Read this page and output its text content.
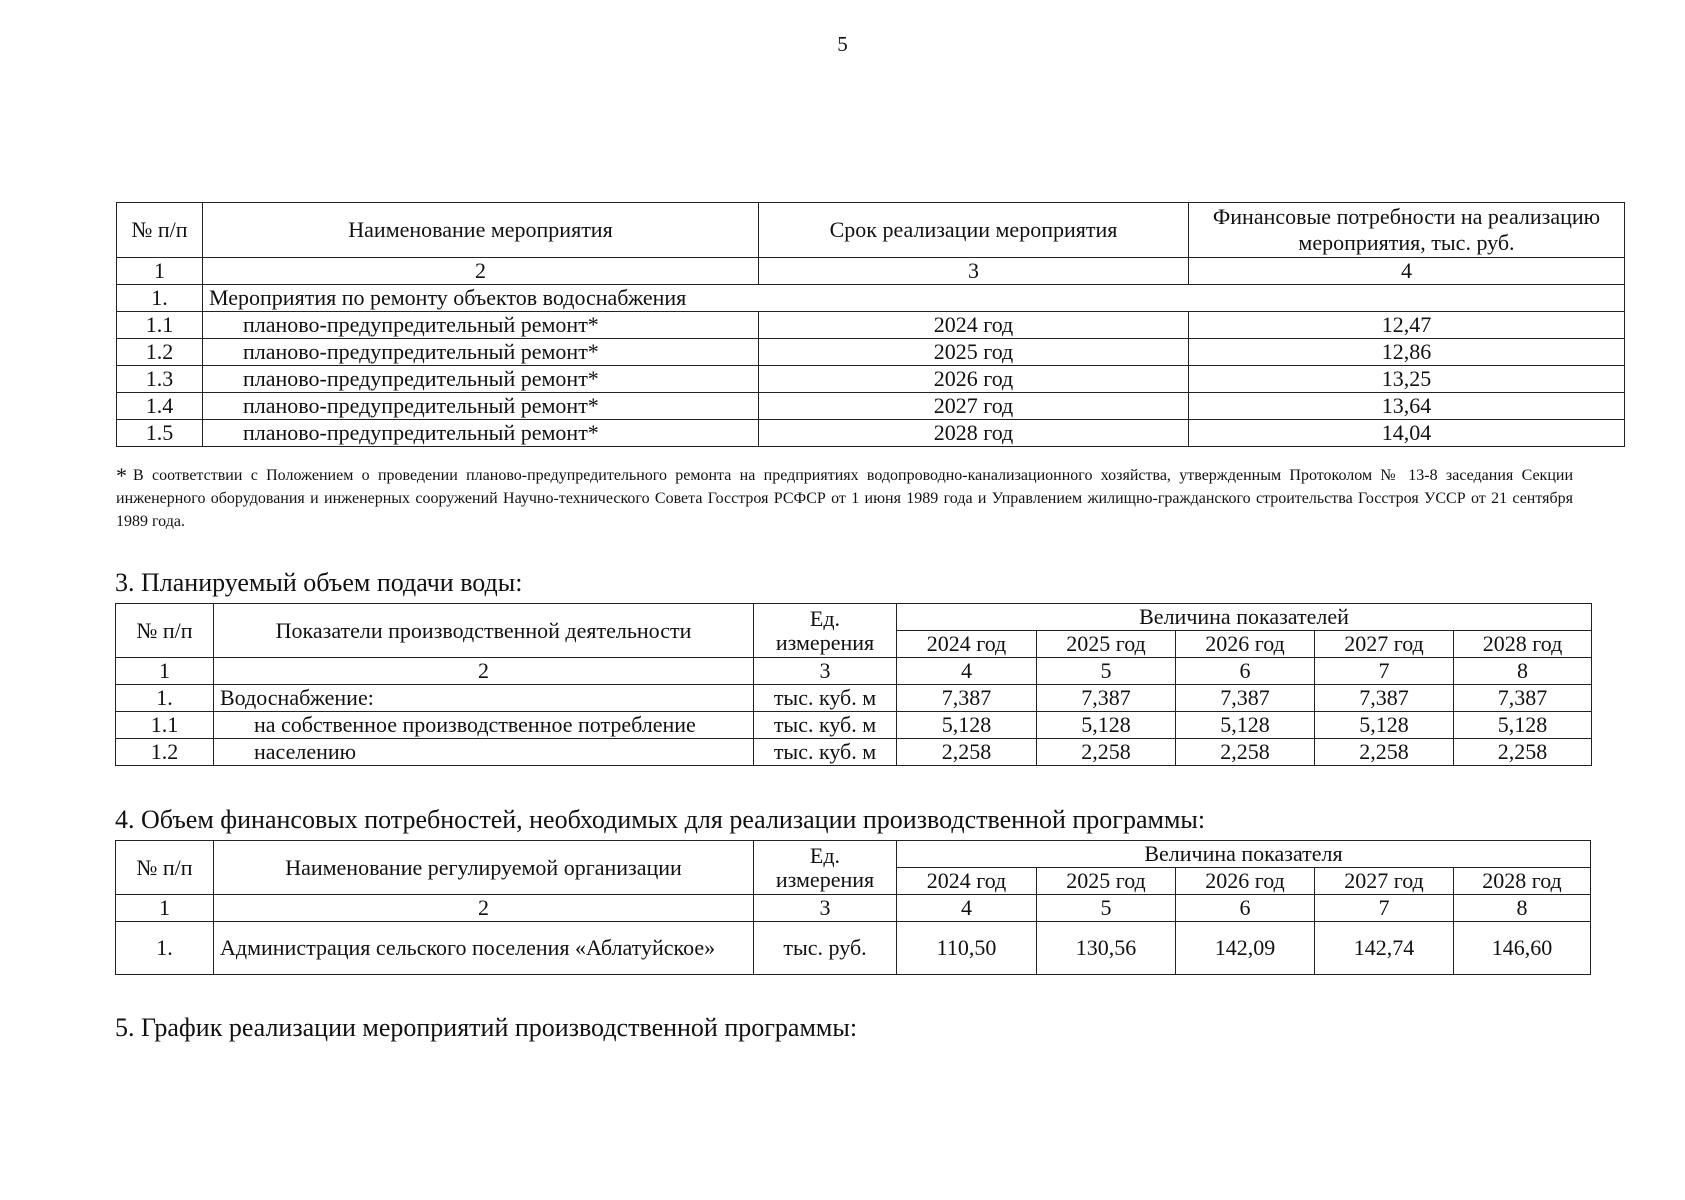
5
№ п/п	Наименование мероприятия	Срок реализации мероприятия	Финансовые потребности на реализацию мероприятия, тыс. руб.
1	2	3	4
1.	Мероприятия по ремонту объектов водоснабжения		
1.1	планово-предупредительный ремонт*	2024 год	12,47
1.2	планово-предупредительный ремонт*	2025 год	12,86
1.3	планово-предупредительный ремонт*	2026 год	13,25
1.4	планово-предупредительный ремонт*	2027 год	13,64
1.5	планово-предупредительный ремонт*	2028 год	14,04
* В соответствии с Положением о проведении планово-предупредительного ремонта на предприятиях водопроводно-канализационного хозяйства, утвержденным Протоколом № 13-8 заседания Секции инженерного оборудования и инженерных сооружений Научно-технического Совета Госстроя РСФСР от 1 июня 1989 года и Управлением жилищно-гражданского строительства Госстроя УССР от 21 сентября 1989 года.
3. Планируемый объем подачи воды:
№ п/п	Показатели производственной деятельности	Ед. измерения	Величина показателей				
			2024 год	2025 год	2026 год	2027 год	2028 год
1	2	3	4	5	6	7	8
1.	Водоснабжение:	тыс. куб. м	7,387	7,387	7,387	7,387	7,387
1.1	на собственное производственное потребление	тыс. куб. м	5,128	5,128	5,128	5,128	5,128
1.2	населению	тыс. куб. м	2,258	2,258	2,258	2,258	2,258
4. Объем финансовых потребностей, необходимых для реализации производственной программы:
№ п/п	Наименование регулируемой организации	Ед. измерения	Величина показателя				
			2024 год	2025 год	2026 год	2027 год	2028 год
1	2	3	4	5	6	7	8
1.	Администрация сельского поселения «Аблатуйское»	тыс. руб.	110,50	130,56	142,09	142,74	146,60
5. График реализации мероприятий производственной программы:
